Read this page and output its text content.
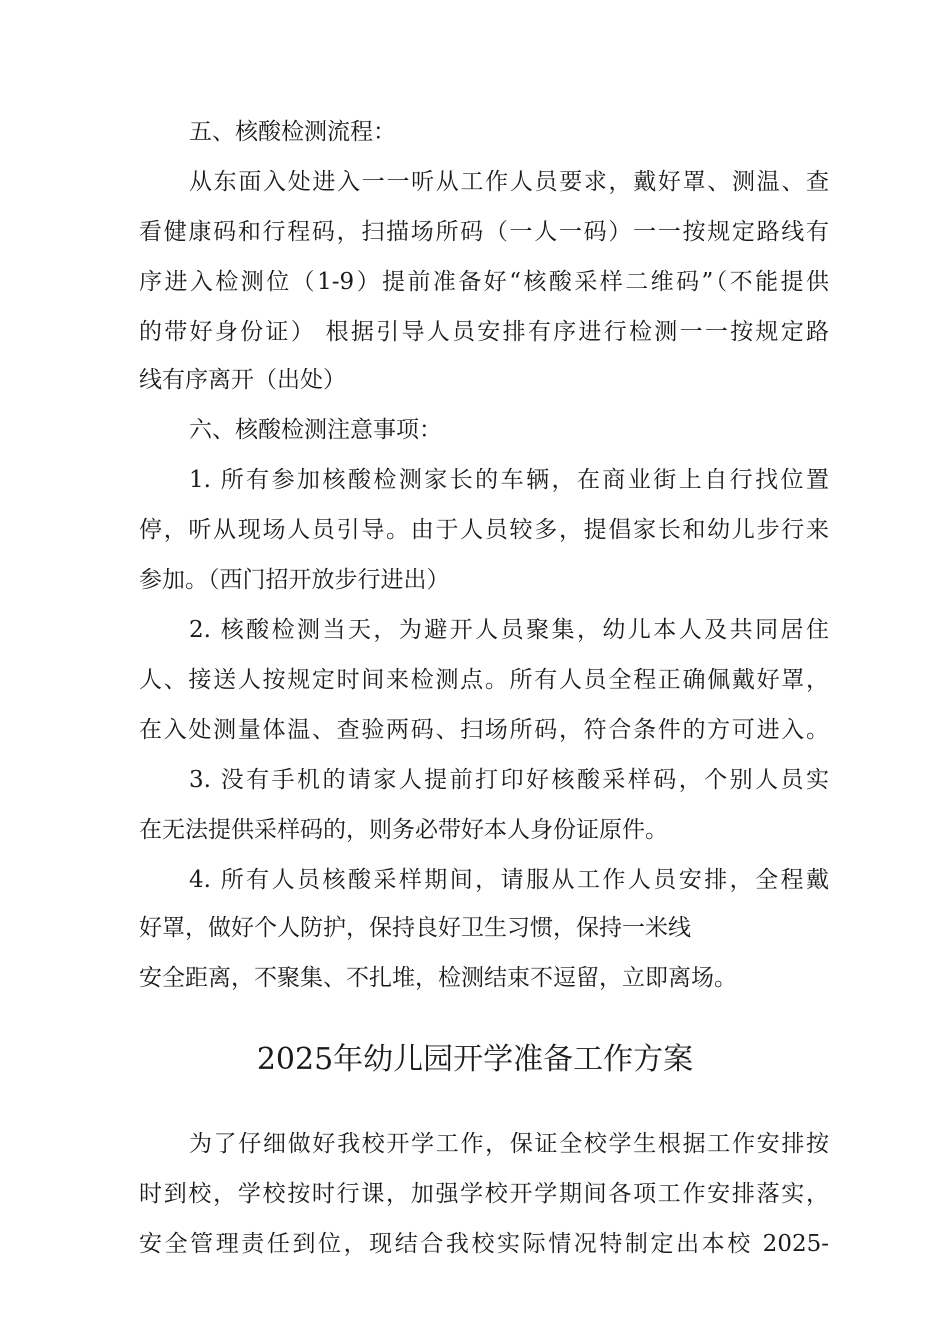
五、核酸检测流程：
从东面入处进入一一听从工作人员要求，戴好罩、测温、查
看健康码和行程码，扫描场所码（一人一码）一一按规定路线有
序进入检测位（1-9）提前准备好“核酸采样二维码”（不能提供
的带好身份证） 根据引导人员安排有序进行检测一一按规定路
线有序离开（出处）
六、核酸检测注意事项：
1. 所有参加核酸检测家长的车辆，在商业街上自行找位置
停，听从现场人员引导。由于人员较多，提倡家长和幼儿步行来
参加。（西门招开放步行进出）
2. 核酸检测当天，为避开人员聚集，幼儿本人及共同居住
人、接送人按规定时间来检测点。所有人员全程正确佩戴好罩，
在入处测量体温、查验两码、扫场所码，符合条件的方可进入。
3. 没有手机的请家人提前打印好核酸采样码，个别人员实
在无法提供采样码的，则务必带好本人身份证原件。
4. 所有人员核酸采样期间，请服从工作人员安排，全程戴
好罩，做好个人防护，保持良好卫生习惯，保持一米线
安全距离，不聚集、不扎堆，检测结束不逗留，立即离场。
2025年幼儿园开学准备工作方案
为了仔细做好我校开学工作，保证全校学生根据工作安排按
时到校，学校按时行课，加强学校开学期间各项工作安排落实，
安全管理责任到位，现结合我校实际情况特制定出本校 2025-
